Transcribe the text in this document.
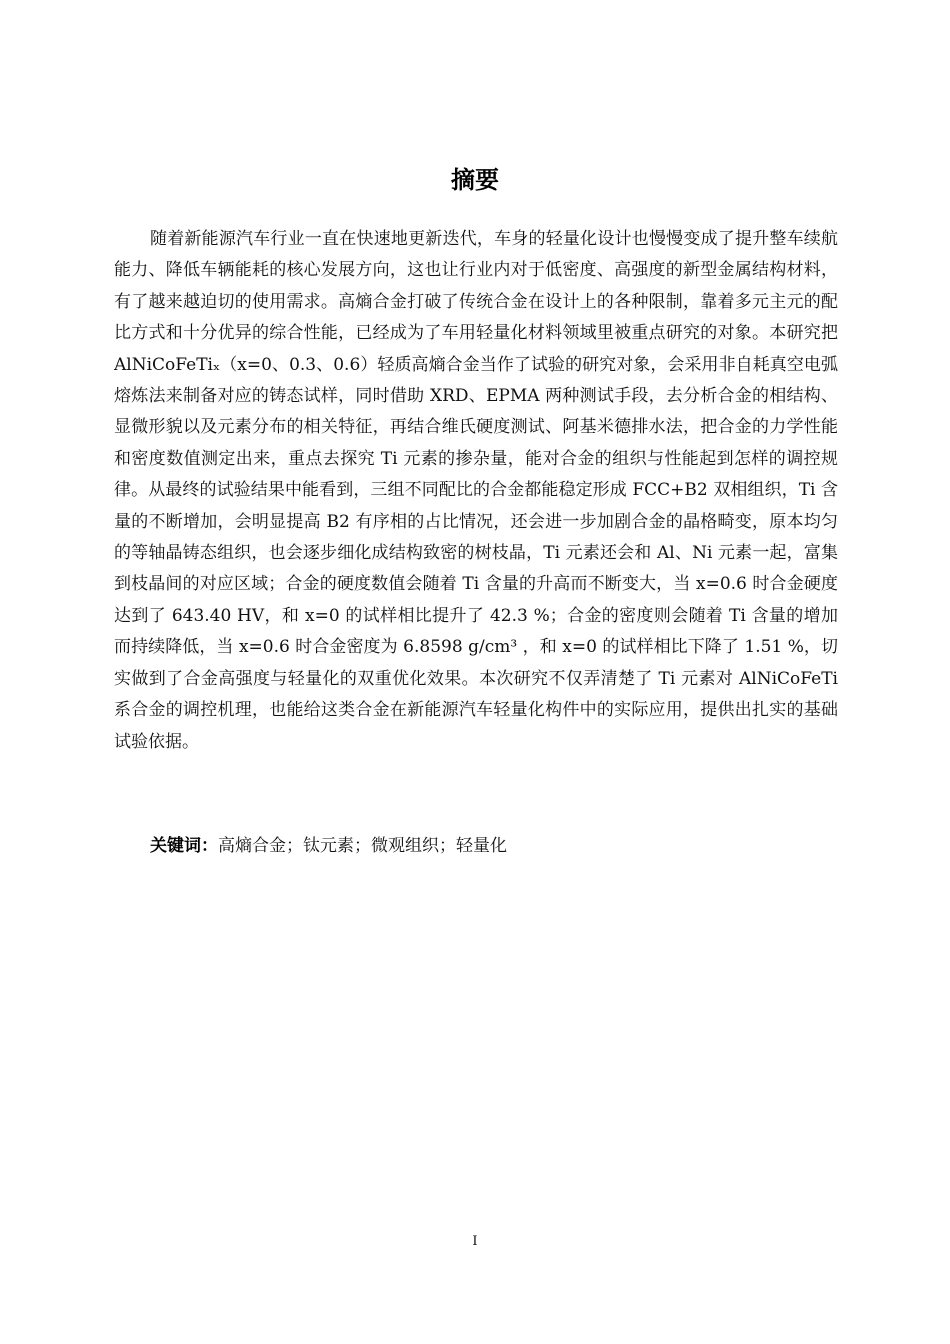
摘要

随着新能源汽车行业一直在快速地更新迭代，车身的轻量化设计也慢慢变成了提升整车续航能力、降低车辆能耗的核心发展方向，这也让行业内对于低密度、高强度的新型金属结构材料，有了越来越迫切的使用需求。高熵合金打破了传统合金在设计上的各种限制，靠着多元主元的配比方式和十分优异的综合性能，已经成为了车用轻量化材料领域里被重点研究的对象。本研究把 AlNiCoFeTiₓ（x=0、0.3、0.6）轻质高熵合金当作了试验的研究对象，会采用非自耗真空电弧熔炼法来制备对应的铸态试样，同时借助 XRD、EPMA 两种测试手段，去分析合金的相结构、显微形貌以及元素分布的相关特征，再结合维氏硬度测试、阿基米德排水法，把合金的力学性能和密度数值测定出来，重点去探究 Ti 元素的掺杂量，能对合金的组织与性能起到怎样的调控规律。从最终的试验结果中能看到，三组不同配比的合金都能稳定形成 FCC+B2 双相组织，Ti 含量的不断增加，会明显提高 B2 有序相的占比情况，还会进一步加剧合金的晶格畸变，原本均匀的等轴晶铸态组织，也会逐步细化成结构致密的树枝晶，Ti 元素还会和 Al、Ni 元素一起，富集到枝晶间的对应区域；合金的硬度数值会随着 Ti 含量的升高而不断变大，当 x=0.6 时合金硬度达到了 643.40 HV，和 x=0 的试样相比提升了 42.3 %；合金的密度则会随着 Ti 含量的增加而持续降低，当 x=0.6 时合金密度为 6.8598 g/cm³ ，和 x=0 的试样相比下降了 1.51 %，切实做到了合金高强度与轻量化的双重优化效果。本次研究不仅弄清楚了 Ti 元素对 AlNiCoFeTi 系合金的调控机理，也能给这类合金在新能源汽车轻量化构件中的实际应用，提供出扎实的基础试验依据。

关键词：高熵合金；钛元素；微观组织；轻量化
I
